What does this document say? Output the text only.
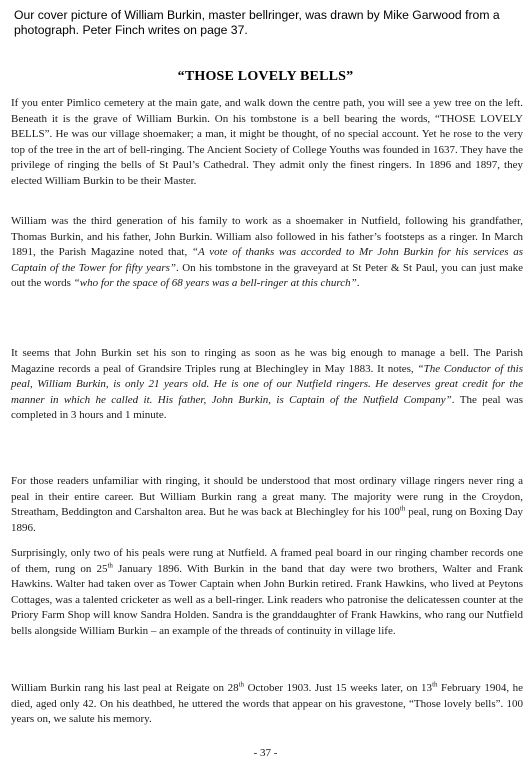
Our cover picture of William Burkin, master bellringer, was drawn by Mike Garwood from a photograph. Peter Finch writes on page 37.
“THOSE LOVELY BELLS”
If you enter Pimlico cemetery at the main gate, and walk down the centre path, you will see a yew tree on the left. Beneath it is the grave of William Burkin. On his tombstone is a bell bearing the words, “THOSE LOVELY BELLS”. He was our village shoemaker; a man, it might be thought, of no special account. Yet he rose to the very top of the tree in the art of bell-ringing. The Ancient Society of College Youths was founded in 1637. They have the privilege of ringing the bells of St Paul’s Cathedral. They admit only the finest ringers. In 1896 and 1897, they elected William Burkin to be their Master.
William was the third generation of his family to work as a shoemaker in Nutfield, following his grandfather, Thomas Burkin, and his father, John Burkin. William also followed in his father’s footsteps as a ringer. In March 1891, the Parish Magazine noted that, “A vote of thanks was accorded to Mr John Burkin for his services as Captain of the Tower for fifty years”. On his tombstone in the graveyard at St Peter & St Paul, you can just make out the words “who for the space of 68 years was a bell-ringer at this church”.
It seems that John Burkin set his son to ringing as soon as he was big enough to manage a bell. The Parish Magazine records a peal of Grandsire Triples rung at Blechingley in May 1883. It notes, “The Conductor of this peal, William Burkin, is only 21 years old. He is one of our Nutfield ringers. He deserves great credit for the manner in which he called it. His father, John Burkin, is Captain of the Nutfield Company”. The peal was completed in 3 hours and 1 minute.
For those readers unfamiliar with ringing, it should be understood that most ordinary village ringers never ring a peal in their entire career. But William Burkin rang a great many. The majority were rung in the Croydon, Streatham, Beddington and Carshalton area. But he was back at Blechingley for his 100th peal, rung on Boxing Day 1896.
Surprisingly, only two of his peals were rung at Nutfield. A framed peal board in our ringing chamber records one of them, rung on 25th January 1896. With Burkin in the band that day were two brothers, Walter and Frank Hawkins. Walter had taken over as Tower Captain when John Burkin retired. Frank Hawkins, who lived at Peytons Cottages, was a talented cricketer as well as a bell-ringer. Link readers who patronise the delicatessen counter at the Priory Farm Shop will know Sandra Holden. Sandra is the granddaughter of Frank Hawkins, who rang our Nutfield bells alongside William Burkin – an example of the threads of continuity in village life.
William Burkin rang his last peal at Reigate on 28th October 1903. Just 15 weeks later, on 13th February 1904, he died, aged only 42. On his deathbed, he uttered the words that appear on his gravestone, “Those lovely bells”. 100 years on, we salute his memory.
- 37 -
